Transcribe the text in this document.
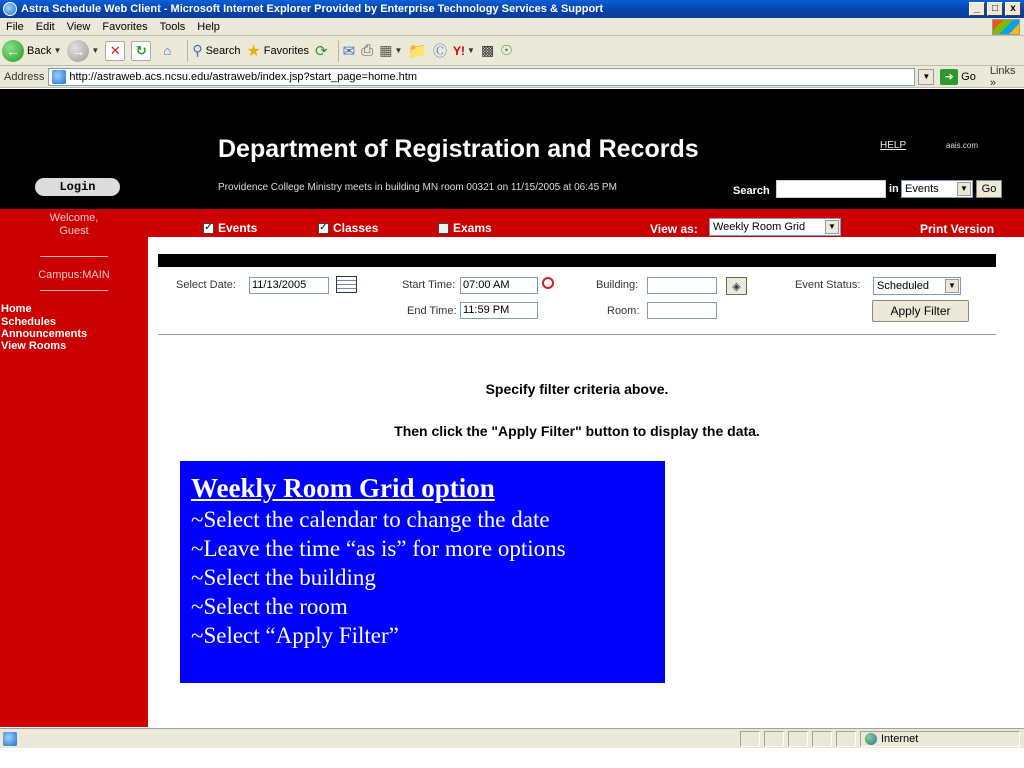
Astra Schedule Web Client - Microsoft Internet Explorer Provided by Enterprise Technology Services & Support	_	□	x
File	Edit	View	Favorites	Tools	Help
← Back ▼ → ▼ ✕	↻	⌂	⚲ Search ★ Favorites ⟳ ✉ ⎙ ▦ ▼ 📁 Ⓒ Y! ▼ ▩ ☉
Address	http://astraweb.acs.ncsu.edu/astraweb/index.jsp?start_page=home.htm	▼	➜ Go Links »
Department of Registration and Records
Login	Providence College Ministry meets in building MN room 00321 on 11/15/2005 at 06:45 PM
HELP	aais.com
Search	in Events	▼	Go
Welcome,
Guest	✓ Events	✓ Classes	Exams	View as:	Weekly Room Grid	▼	Print Version
Campus:MAIN
Home
Schedules
Announcements
View Rooms
Select Date: 11/13/2005	Start Time: 07:00 AM
End Time: 11:59 PM
Building:	◈
Room:
Event Status:	Scheduled	▼
Apply Filter
Specify filter criteria above.
Then click the "Apply Filter" button to display the data.
Weekly Room Grid option
~Select the calendar to change the date
~Leave the time “as is” for more options
~Select the building
~Select the room
~Select “Apply Filter”
Internet
